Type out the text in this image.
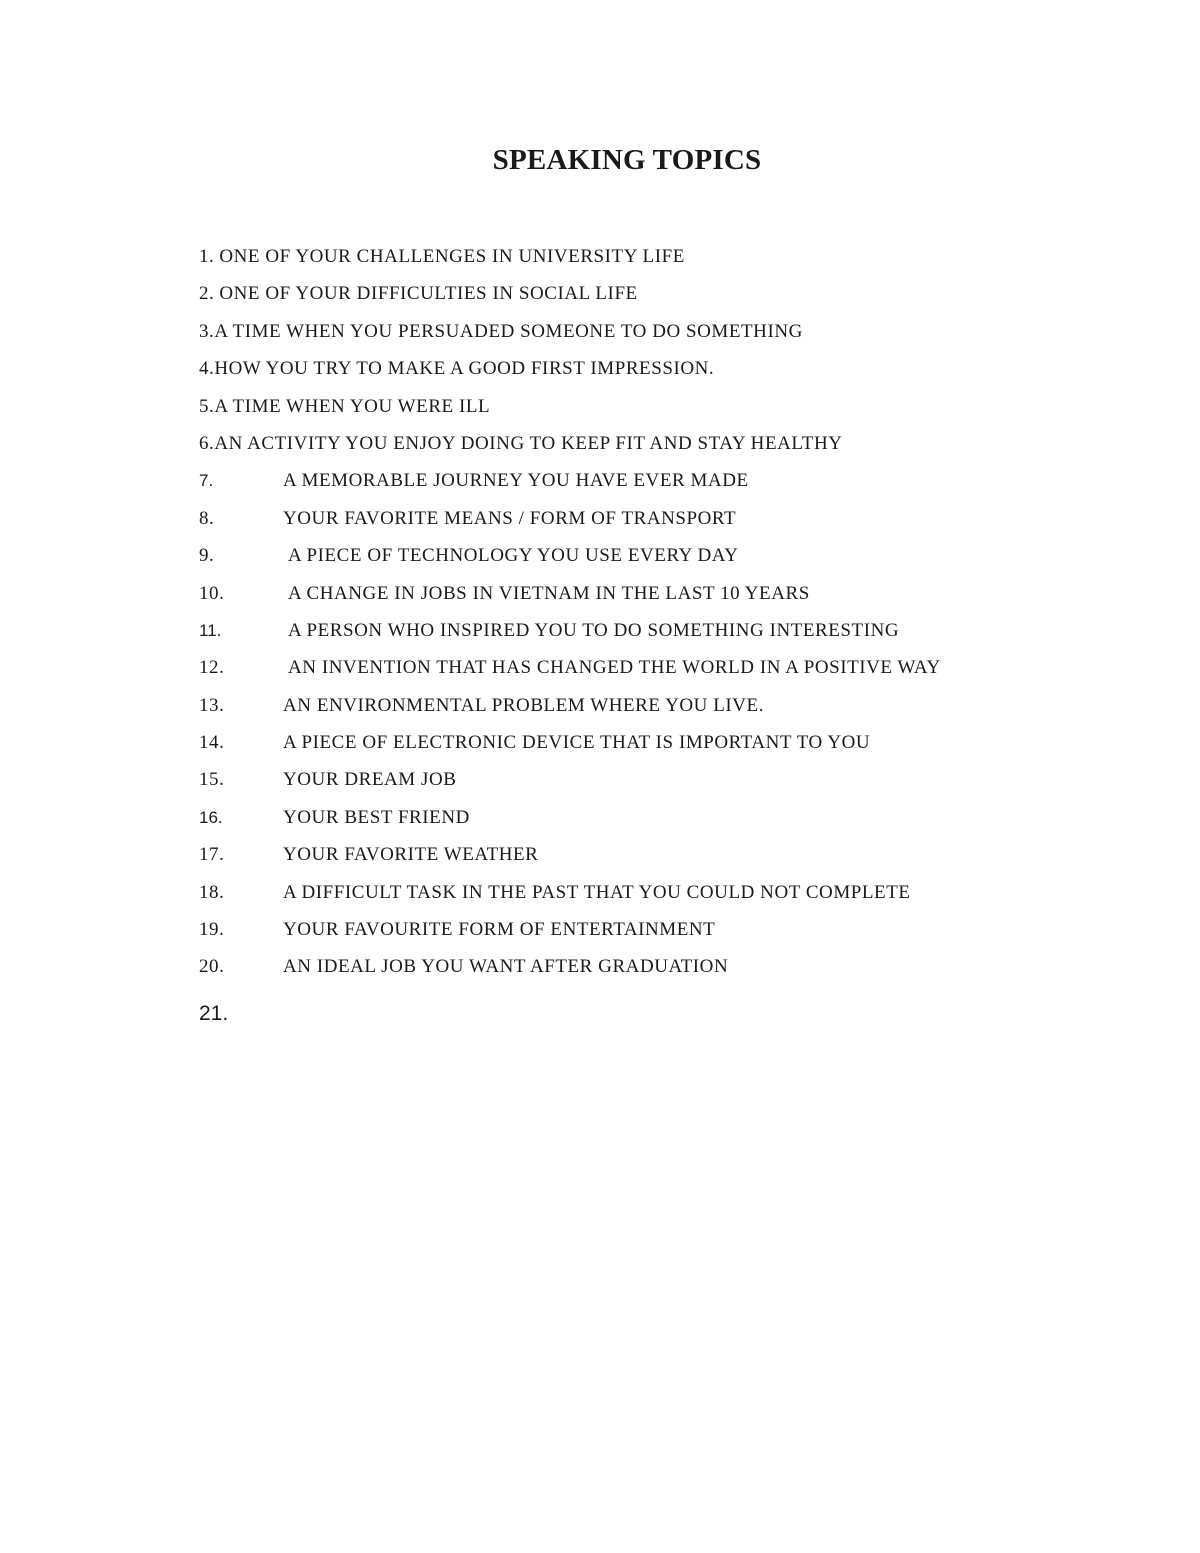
SPEAKING TOPICS
1. ONE OF YOUR CHALLENGES IN UNIVERSITY LIFE
2. ONE OF YOUR DIFFICULTIES IN SOCIAL LIFE
3.A TIME WHEN YOU PERSUADED SOMEONE TO DO SOMETHING
4.HOW YOU TRY TO MAKE A GOOD FIRST IMPRESSION.
5.A TIME WHEN YOU WERE ILL
6.AN ACTIVITY YOU ENJOY DOING TO KEEP FIT AND STAY HEALTHY
7.	A MEMORABLE JOURNEY YOU HAVE EVER MADE
8.	YOUR FAVORITE MEANS / FORM OF TRANSPORT
9.	A PIECE OF TECHNOLOGY YOU USE EVERY DAY
10.	A CHANGE IN JOBS IN VIETNAM IN THE LAST 10 YEARS
11.	A PERSON WHO INSPIRED YOU TO DO SOMETHING INTERESTING
12.	AN INVENTION THAT HAS CHANGED THE WORLD IN A POSITIVE WAY
13.	AN ENVIRONMENTAL PROBLEM WHERE YOU LIVE.
14.	A PIECE OF ELECTRONIC DEVICE THAT IS IMPORTANT TO YOU
15.	YOUR DREAM JOB
16.	YOUR BEST FRIEND
17.	YOUR FAVORITE WEATHER
18.	A DIFFICULT TASK IN THE PAST THAT YOU COULD NOT COMPLETE
19.	YOUR FAVOURITE FORM OF ENTERTAINMENT
20.	AN IDEAL JOB YOU WANT AFTER GRADUATION
21.
